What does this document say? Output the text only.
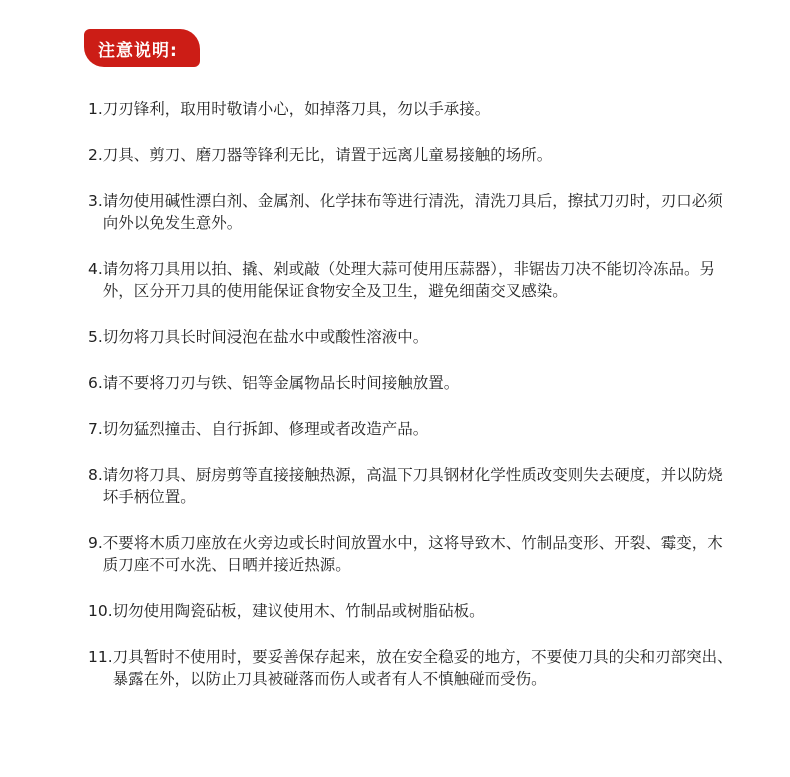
注意说明:
1. 刀刃锋利，取用时敬请小心，如掉落刀具，勿以手承接。
2. 刀具、剪刀、磨刀器等锋利无比，请置于远离儿童易接触的场所。
3. 请勿使用碱性漂白剂、金属剂、化学抹布等进行清洗，清洗刀具后，擦拭刀刃时，刃口必须向外以免发生意外。
4. 请勿将刀具用以拍、撬、剁或敲（处理大蒜可使用压蒜器），非锯齿刀决不能切冷冻品。另外，区分开刀具的使用能保证食物安全及卫生，避免细菌交叉感染。
5. 切勿将刀具长时间浸泡在盐水中或酸性溶液中。
6. 请不要将刀刃与铁、铝等金属物品长时间接触放置。
7. 切勿猛烈撞击、自行拆卸、修理或者改造产品。
8. 请勿将刀具、厨房剪等直接接触热源，高温下刀具钢材化学性质改变则失去硬度，并以防烧坏手柄位置。
9. 不要将木质刀座放在火旁边或长时间放置水中，这将导致木、竹制品变形、开裂、霉变，木质刀座不可水洗、日晒并接近热源。
10. 切勿使用陶瓷砧板，建议使用木、竹制品或树脂砧板。
11. 刀具暂时不使用时，要妥善保存起来，放在安全稳妥的地方，不要使刀具的尖和刃部突出、暴露在外，以防止刀具被碰落而伤人或者有人不慎触碰而受伤。
